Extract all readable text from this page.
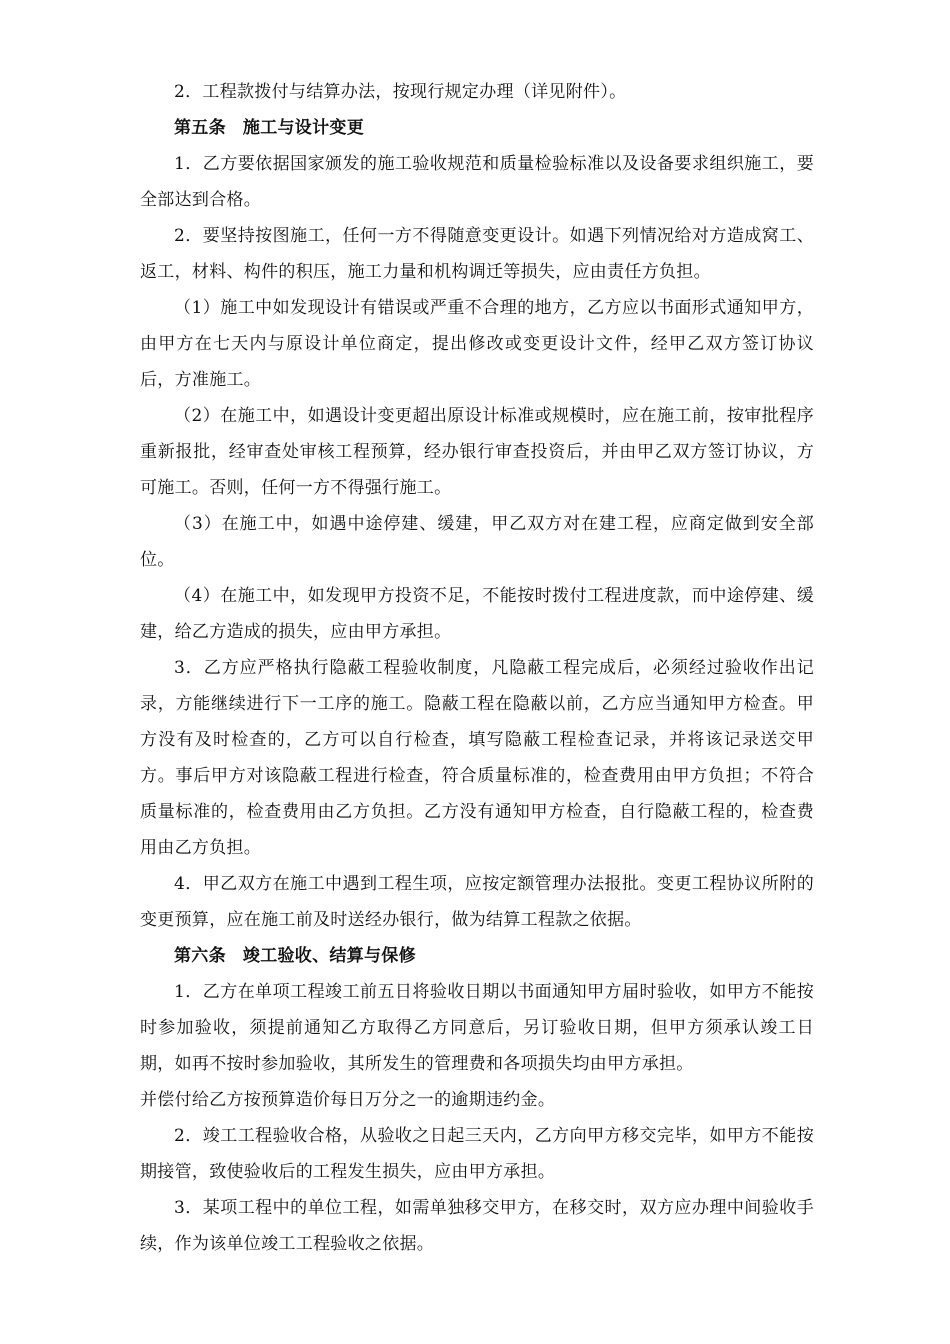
2．工程款拨付与结算办法，按现行规定办理（详见附件）。

第五条 施工与设计变更

1．乙方要依据国家颁发的施工验收规范和质量检验标准以及设备要求组织施工，要全部达到合格。

2．要坚持按图施工，任何一方不得随意变更设计。如遇下列情况给对方造成窝工、返工，材料、构件的积压，施工力量和机构调迁等损失，应由责任方负担。

（1）施工中如发现设计有错误或严重不合理的地方，乙方应以书面形式通知甲方，由甲方在七天内与原设计单位商定，提出修改或变更设计文件，经甲乙双方签订协议后，方准施工。

（2）在施工中，如遇设计变更超出原设计标准或规模时，应在施工前，按审批程序重新报批，经审查处审核工程预算，经办银行审查投资后，并由甲乙双方签订协议，方可施工。否则，任何一方不得强行施工。

（3）在施工中，如遇中途停建、缓建，甲乙双方对在建工程，应商定做到安全部位。

（4）在施工中，如发现甲方投资不足，不能按时拨付工程进度款，而中途停建、缓建，给乙方造成的损失，应由甲方承担。

3．乙方应严格执行隐蔽工程验收制度，凡隐蔽工程完成后，必须经过验收作出记录，方能继续进行下一工序的施工。隐蔽工程在隐蔽以前，乙方应当通知甲方检查。甲方没有及时检查的，乙方可以自行检查，填写隐蔽工程检查记录，并将该记录送交甲方。事后甲方对该隐蔽工程进行检查，符合质量标准的，检查费用由甲方负担；不符合质量标准的，检查费用由乙方负担。乙方没有通知甲方检查，自行隐蔽工程的，检查费用由乙方负担。

4．甲乙双方在施工中遇到工程生项，应按定额管理办法报批。变更工程协议所附的变更预算，应在施工前及时送经办银行，做为结算工程款之依据。

第六条 竣工验收、结算与保修

1．乙方在单项工程竣工前五日将验收日期以书面通知甲方届时验收，如甲方不能按时参加验收，须提前通知乙方取得乙方同意后，另订验收日期，但甲方须承认竣工日期，如再不按时参加验收，其所发生的管理费和各项损失均由甲方承担。

并偿付给乙方按预算造价每日万分之一的逾期违约金。

2．竣工工程验收合格，从验收之日起三天内，乙方向甲方移交完毕，如甲方不能按期接管，致使验收后的工程发生损失，应由甲方承担。

3．某项工程中的单位工程，如需单独移交甲方，在移交时，双方应办理中间验收手续，作为该单位竣工工程验收之依据。
